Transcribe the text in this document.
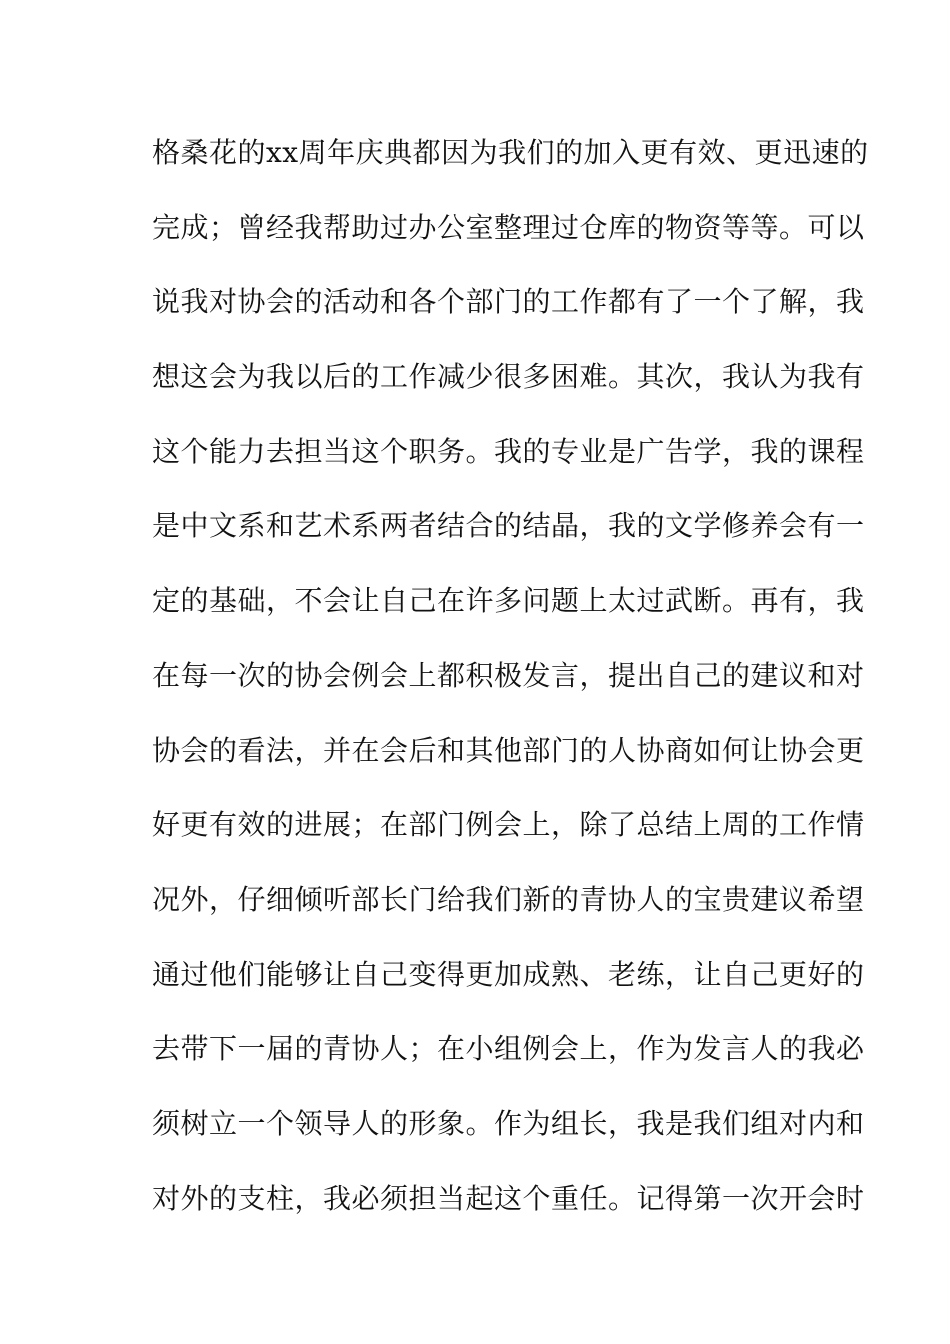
格桑花的xx周年庆典都因为我们的加入更有效、更迅速的
完成；曾经我帮助过办公室整理过仓库的物资等等。可以
说我对协会的活动和各个部门的工作都有了一个了解，我
想这会为我以后的工作减少很多困难。其次，我认为我有
这个能力去担当这个职务。我的专业是广告学，我的课程
是中文系和艺术系两者结合的结晶，我的文学修养会有一
定的基础，不会让自己在许多问题上太过武断。再有，我
在每一次的协会例会上都积极发言，提出自己的建议和对
协会的看法，并在会后和其他部门的人协商如何让协会更
好更有效的进展；在部门例会上，除了总结上周的工作情
况外，仔细倾听部长门给我们新的青协人的宝贵建议希望
通过他们能够让自己变得更加成熟、老练，让自己更好的
去带下一届的青协人；在小组例会上，作为发言人的我必
须树立一个领导人的形象。作为组长，我是我们组对内和
对外的支柱，我必须担当起这个重任。记得第一次开会时
